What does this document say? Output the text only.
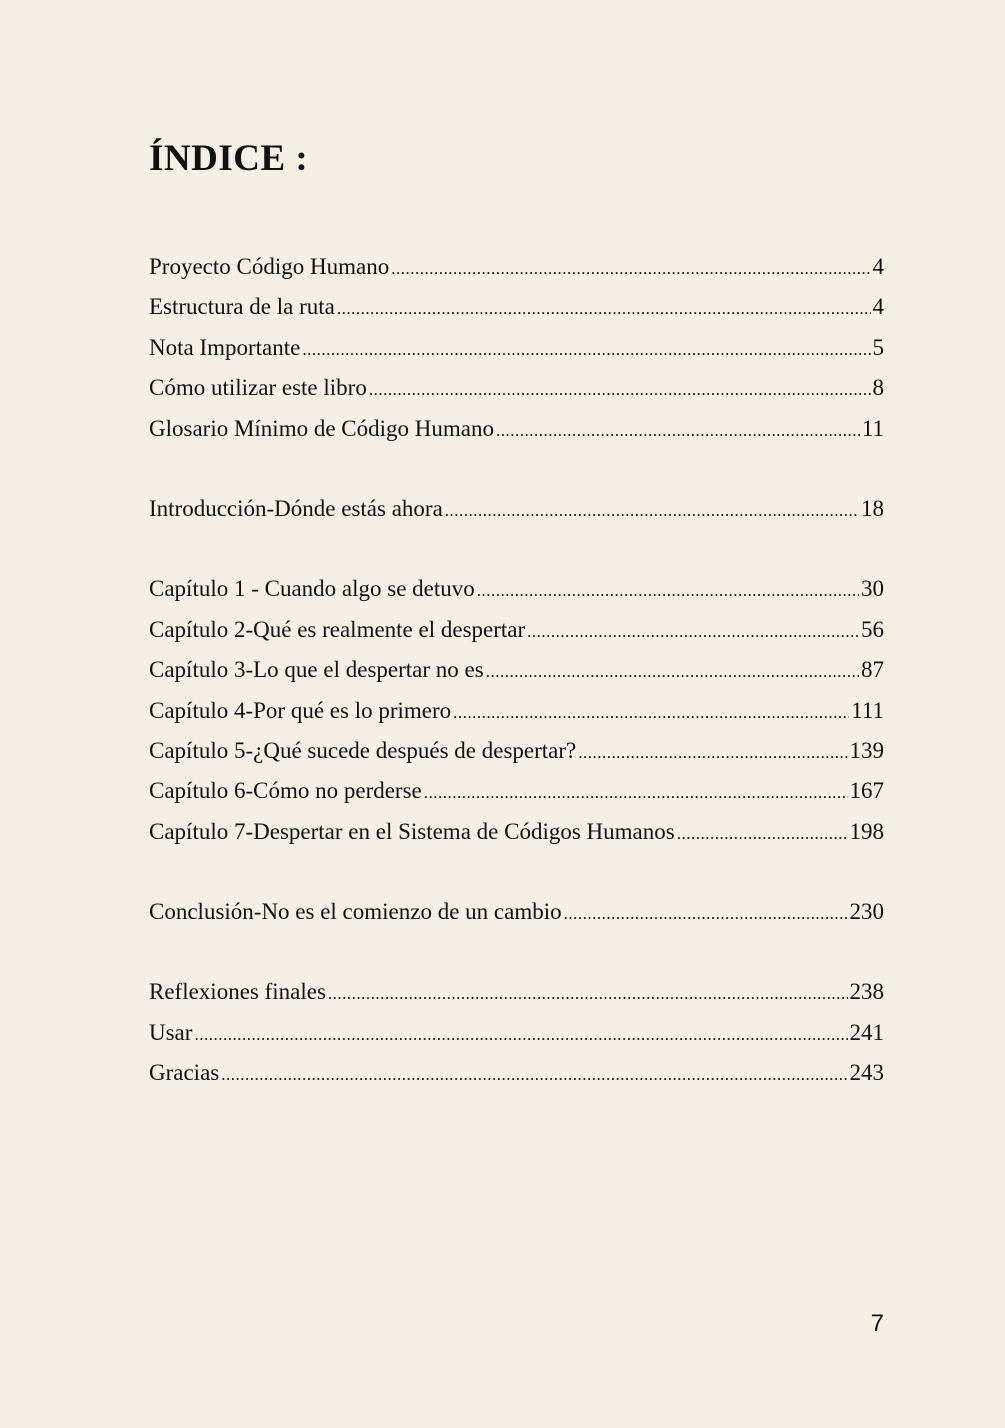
ÍNDICE :
Proyecto Código Humano .....	4
Estructura de la ruta .....	4
Nota Importante .....	5
Cómo utilizar este libro .....	8
Glosario Mínimo de Código Humano .....	11
Introducción-Dónde estás ahora .....	18
Capítulo 1 - Cuando algo se detuvo .....	30
Capítulo 2-Qué es realmente el despertar .....	56
Capítulo 3-Lo que el despertar no es .....	87
Capítulo 4-Por qué es lo primero .....	111
Capítulo 5-¿Qué sucede después de despertar? .....	139
Capítulo 6-Cómo no perderse .....	167
Capítulo 7-Despertar en el Sistema de Códigos Humanos .....	198
Conclusión-No es el comienzo de un cambio .....	230
Reflexiones finales .....	238
Usar .....	241
Gracias .....	243
7
